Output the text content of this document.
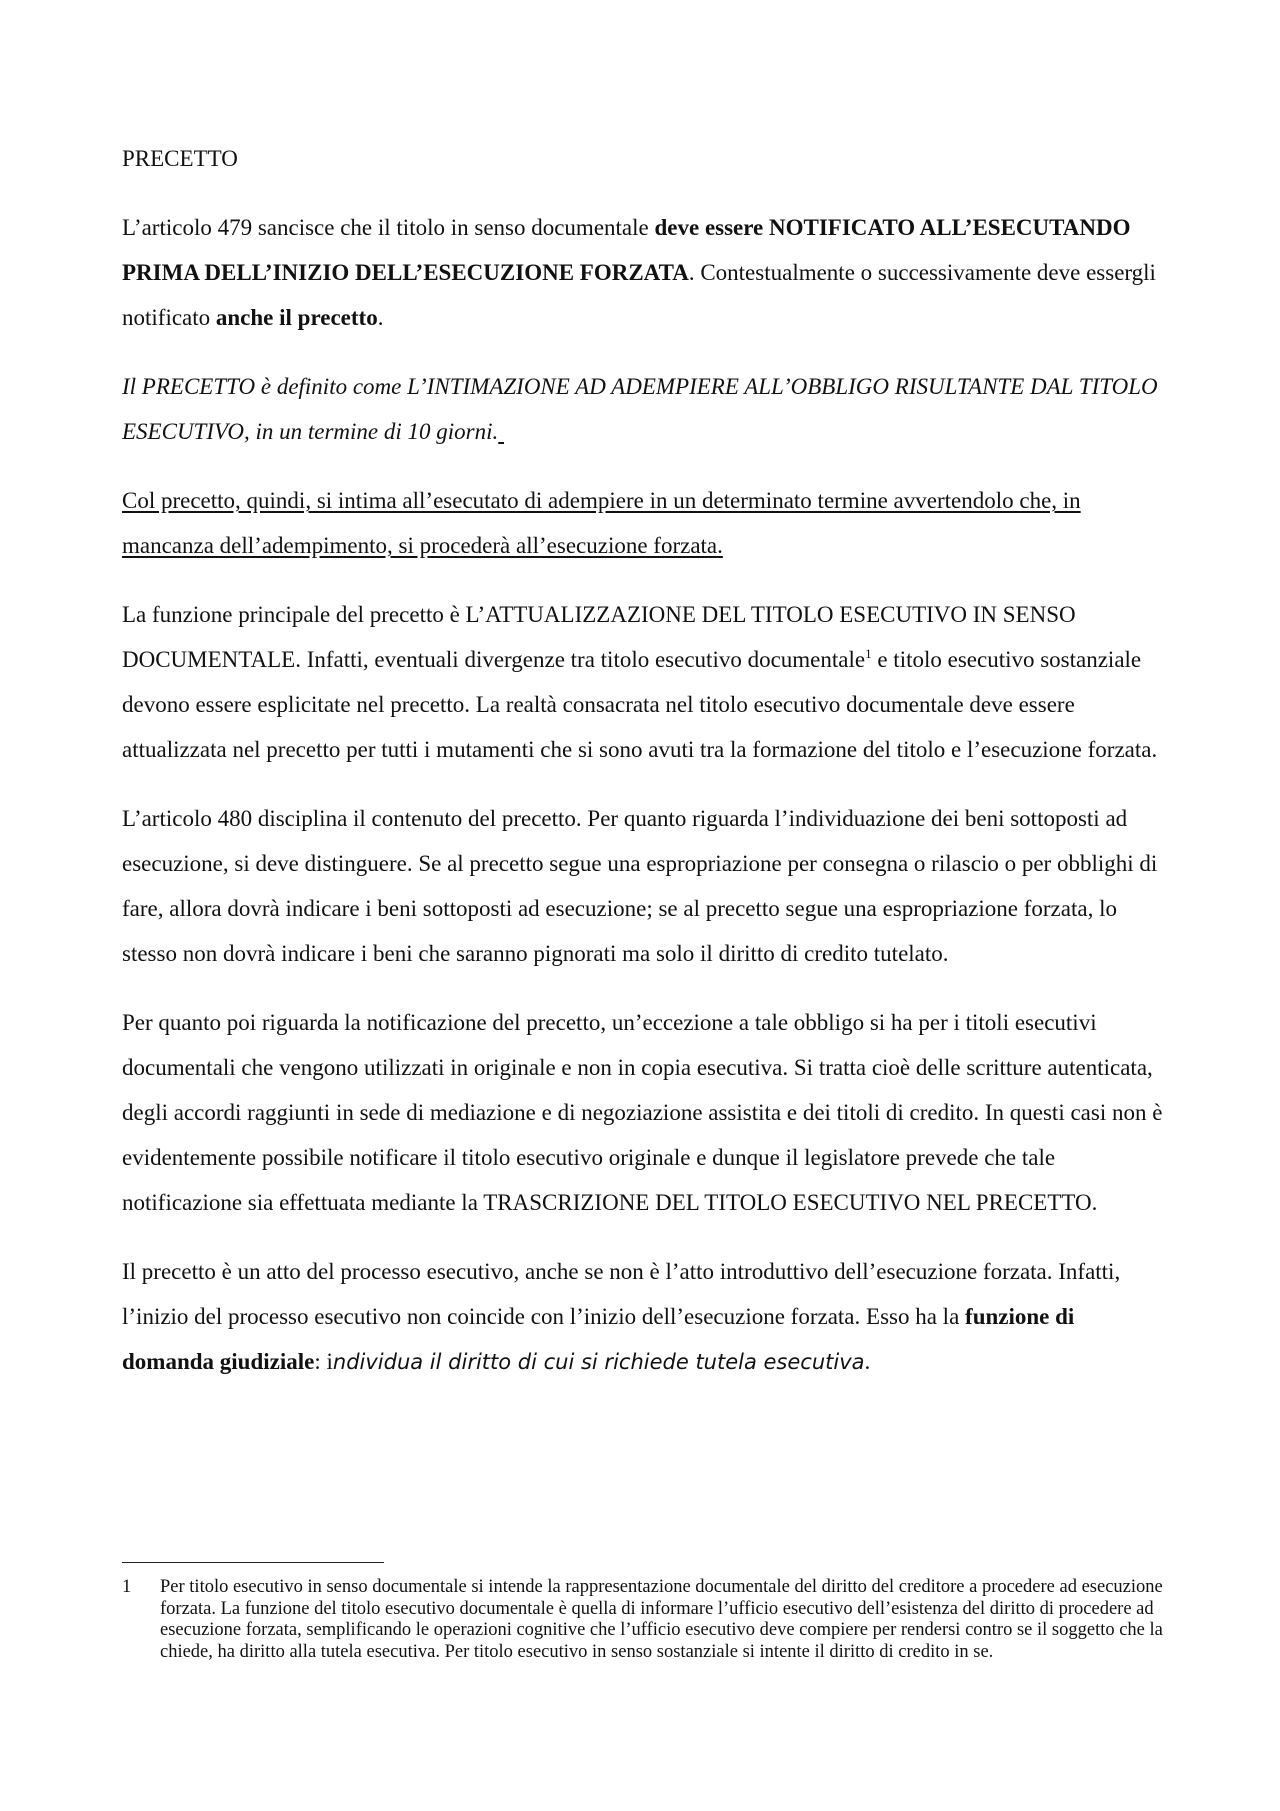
PRECETTO

L’articolo 479 sancisce che il titolo in senso documentale deve essere NOTIFICATO ALL’ESECUTANDO PRIMA DELL’INIZIO DELL’ESECUZIONE FORZATA. Contestualmente o successivamente deve essergli notificato anche il precetto.

Il PRECETTO è definito come L’INTIMAZIONE AD ADEMPIERE ALL’OBBLIGO RISULTANTE DAL TITOLO ESECUTIVO, in un termine di 10 giorni.

Col precetto, quindi, si intima all’esecutato di adempiere in un determinato termine avvertendolo che, in mancanza dell’adempimento, si procederà all’esecuzione forzata.

La funzione principale del precetto è L’ATTUALIZZAZIONE DEL TITOLO ESECUTIVO IN SENSO DOCUMENTALE. Infatti, eventuali divergenze tra titolo esecutivo documentale$^1$ e titolo esecutivo sostanziale devono essere esplicitate nel precetto. La realtà consacrata nel titolo esecutivo documentale deve essere attualizzata nel precetto per tutti i mutamenti che si sono avuti tra la formazione del titolo e l’esecuzione forzata.

L’articolo 480 disciplina il contenuto del precetto. Per quanto riguarda l’individuazione dei beni sottoposti ad esecuzione, si deve distinguere. Se al precetto segue una espropriazione per consegna o rilascio o per obblighi di fare, allora dovrà indicare i beni sottoposti ad esecuzione; se al precetto segue una espropriazione forzata, lo stesso non dovrà indicare i beni che saranno pignorati ma solo il diritto di credito tutelato.

Per quanto poi riguarda la notificazione del precetto, un’eccezione a tale obbligo si ha per i titoli esecutivi documentali che vengono utilizzati in originale e non in copia esecutiva. Si tratta cioè delle scritture autenticata, degli accordi raggiunti in sede di mediazione e di negoziazione assistita e dei titoli di credito. In questi casi non è evidentemente possibile notificare il titolo esecutivo originale e dunque il legislatore prevede che tale notificazione sia effettuata mediante la TRASCRIZIONE DEL TITOLO ESECUTIVO NEL PRECETTO.

Il precetto è un atto del processo esecutivo, anche se non è l’atto introduttivo dell’esecuzione forzata. Infatti, l’inizio del processo esecutivo non coincide con l’inizio dell’esecuzione forzata. Esso ha la funzione di domanda giudiziale: individua il diritto di cui si richiede tutela esecutiva.

1	Per titolo esecutivo in senso documentale si intende la rappresentazione documentale del diritto del creditore a procedere ad esecuzione forzata. La funzione del titolo esecutivo documentale è quella di informare l’ufficio esecutivo dell’esistenza del diritto di procedere ad esecuzione forzata, semplificando le operazioni cognitive che l’ufficio esecutivo deve compiere per rendersi contro se il soggetto che la chiede, ha diritto alla tutela esecutiva. Per titolo esecutivo in senso sostanziale si intente il diritto di credito in se.
